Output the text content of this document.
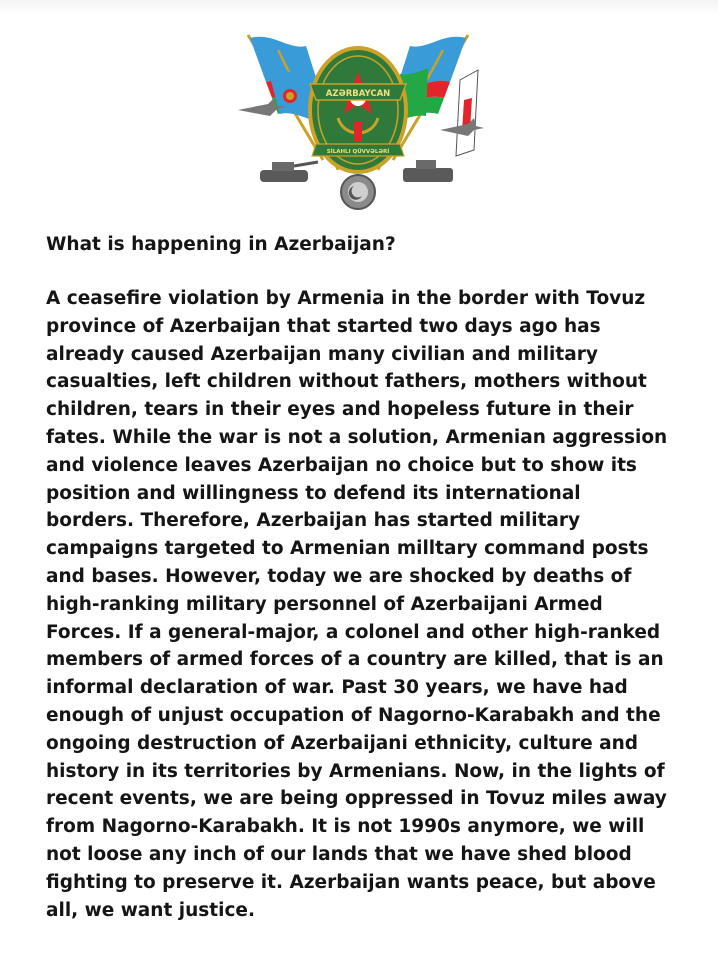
AZƏRBAYCAN
SİLAHLI QÜVVƏLƏRİ
What is happening in Azerbaijan?
A ceasefire violation by Armenia in the border with Tovuz
province of Azerbaijan that started two days ago has
already caused Azerbaijan many civilian and military
casualties, left children without fathers, mothers without
children, tears in their eyes and hopeless future in their
fates. While the war is not a solution, Armenian aggression
and violence leaves Azerbaijan no choice but to show its
position and willingness to defend its international
borders. Therefore, Azerbaijan has started military
campaigns targeted to Armenian milltary command posts
and bases. However, today we are shocked by deaths of
high-ranking military personnel of Azerbaijani Armed
Forces. If a general-major, a colonel and other high-ranked
members of armed forces of a country are killed, that is an
informal declaration of war. Past 30 years, we have had
enough of unjust occupation of Nagorno-Karabakh and the
ongoing destruction of Azerbaijani ethnicity, culture and
history in its territories by Armenians. Now, in the lights of
recent events, we are being oppressed in Tovuz miles away
from Nagorno-Karabakh. It is not 1990s anymore, we will
not loose any inch of our lands that we have shed blood
fighting to preserve it. Azerbaijan wants peace, but above
all, we want justice.
